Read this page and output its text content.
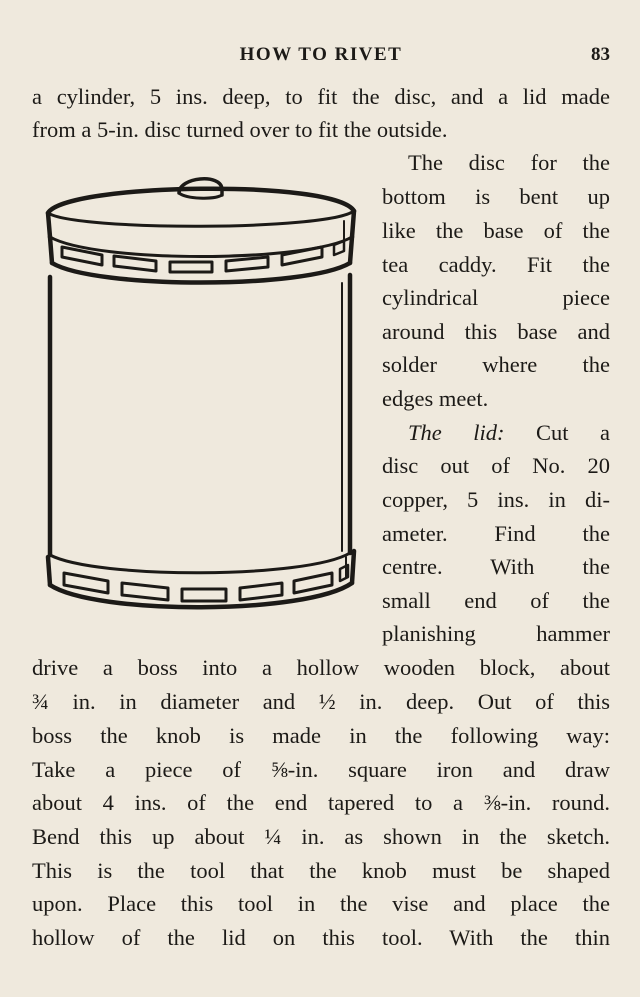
HOW TO RIVET	83
a cylinder, 5 ins. deep, to fit the disc, and a lid made
from a 5-in. disc turned over to fit the outside.
The disc for the
bottom is bent up
like the base of the
tea caddy. Fit the
cylindrical piece
around this base and
solder where the
edges meet.
The lid: Cut a
disc out of No. 20
copper, 5 ins. in di-
ameter. Find the
centre. With the
small end of the
planishing hammer
drive a boss into a hollow wooden block, about
¾ in. in diameter and ½ in. deep. Out of this
boss the knob is made in the following way:
Take a piece of ⅝-in. square iron and draw
about 4 ins. of the end tapered to a ⅜-in. round.
Bend this up about ¼ in. as shown in the sketch.
This is the tool that the knob must be shaped
upon. Place this tool in the vise and place the
hollow of the lid on this tool. With the thin
